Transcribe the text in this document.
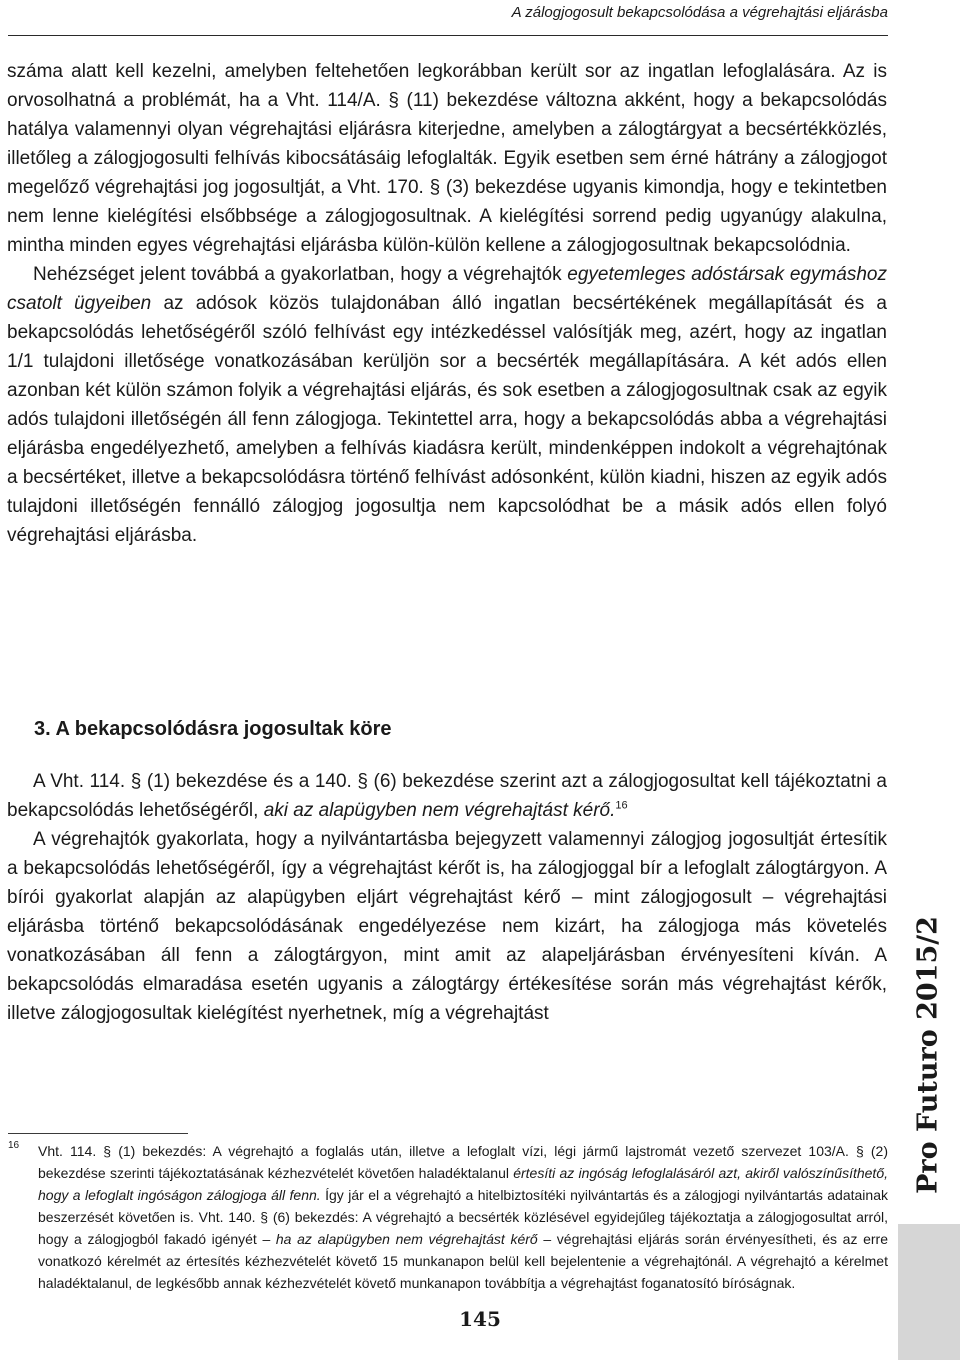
A zálogjogosult bekapcsolódása a végrehajtási eljárásba

száma alatt kell kezelni, amelyben feltehetően legkorábban került sor az ingatlan lefoglalására. Az is orvosolhatná a problémát, ha a Vht. 114/A. § (11) bekezdése változna akként, hogy a bekapcsolódás hatálya valamennyi olyan végrehajtási eljárásra kiterjedne, amelyben a zálogtárgyat a becsértékközlés, illetőleg a zálogjogosulti felhívás kibocsátásáig lefoglalták. Egyik esetben sem érné hátrány a zálogjogot megelőző végrehajtási jog jogosultját, a Vht. 170. § (3) bekezdése ugyanis kimondja, hogy e tekintetben nem lenne kielégítési elsőbbsége a zálogjogosultnak. A kielégítési sorrend pedig ugyanúgy alakulna, mintha minden egyes végrehajtási eljárásba külön-külön kellene a zálogjogosultnak bekapcsolódnia.

Nehézséget jelent továbbá a gyakorlatban, hogy a végrehajtók egyetemleges adóstársak egymáshoz csatolt ügyeiben az adósok közös tulajdonában álló ingatlan becsértékének megállapítását és a bekapcsolódás lehetőségéről szóló felhívást egy intézkedéssel valósítják meg, azért, hogy az ingatlan 1/1 tulajdoni illetősége vonatkozásában kerüljön sor a becsérték megállapítására. A két adós ellen azonban két külön számon folyik a végrehajtási eljárás, és sok esetben a zálogjogosultnak csak az egyik adós tulajdoni illetőségén áll fenn zálogjoga. Tekintettel arra, hogy a bekapcsolódás abba a végrehajtási eljárásba engedélyezhető, amelyben a felhívás kiadásra került, mindenképpen indokolt a végrehajtónak a becsértéket, illetve a bekapcsolódásra történő felhívást adósonként, külön kiadni, hiszen az egyik adós tulajdoni illetőségén fennálló zálogjog jogosultja nem kapcsolódhat be a másik adós ellen folyó végrehajtási eljárásba.

3. A bekapcsolódásra jogosultak köre

A Vht. 114. § (1) bekezdése és a 140. § (6) bekezdése szerint azt a zálogjogosultat kell tájékoztatni a bekapcsolódás lehetőségéről, aki az alapügyben nem végrehajtást kérő.$^{16}$

A végrehajtók gyakorlata, hogy a nyilvántartásba bejegyzett valamennyi zálogjog jogosultját értesítik a bekapcsolódás lehetőségéről, így a végrehajtást kérőt is, ha zálogjoggal bír a lefoglalt zálogtárgyon. A bírói gyakorlat alapján az alapügyben eljárt végrehajtást kérő – mint zálogjogosult – végrehajtási eljárásba történő bekapcsolódásának engedélyezése nem kizárt, ha zálogjoga más követelés vonatkozásában áll fenn a zálogtárgyon, mint amit az alapeljárásban érvényesíteni kíván. A bekapcsolódás elmaradása esetén ugyanis a zálogtárgy értékesítése során más végrehajtást kérők, illetve zálogjogosultak kielégítést nyerhetnek, míg a végrehajtást

16 Vht. 114. § (1) bekezdés: A végrehajtó a foglalás után, illetve a lefoglalt vízi, légi jármű lajstromát vezető szervezet 103/A. § (2) bekezdése szerinti tájékoztatásának kézhezvételét követően haladéktalanul értesíti az ingóság lefoglalásáról azt, akiről valószínűsíthető, hogy a lefoglalt ingóságon zálogjoga áll fenn. Így jár el a végrehajtó a hitelbiztosítéki nyilvántartás és a zálogjogi nyilvántartás adatainak beszerzését követően is. Vht. 140. § (6) bekezdés: A végrehajtó a becsérték közlésével egyidejűleg tájékoztatja a zálogjogosultat arról, hogy a zálogjogból fakadó igényét – ha az alapügyben nem végrehajtást kérő – végrehajtási eljárás során érvényesítheti, és az erre vonatkozó kérelmét az értesítés kézhezvételét követő 15 munkanapon belül kell bejelentenie a végrehajtónál. A végrehajtó a kérelmet haladéktalanul, de legkésőbb annak kézhezvételét követő munkanapon továbbítja a végrehajtást foganatosító bíróságnak.

Pro Futuro 2015/2
145
